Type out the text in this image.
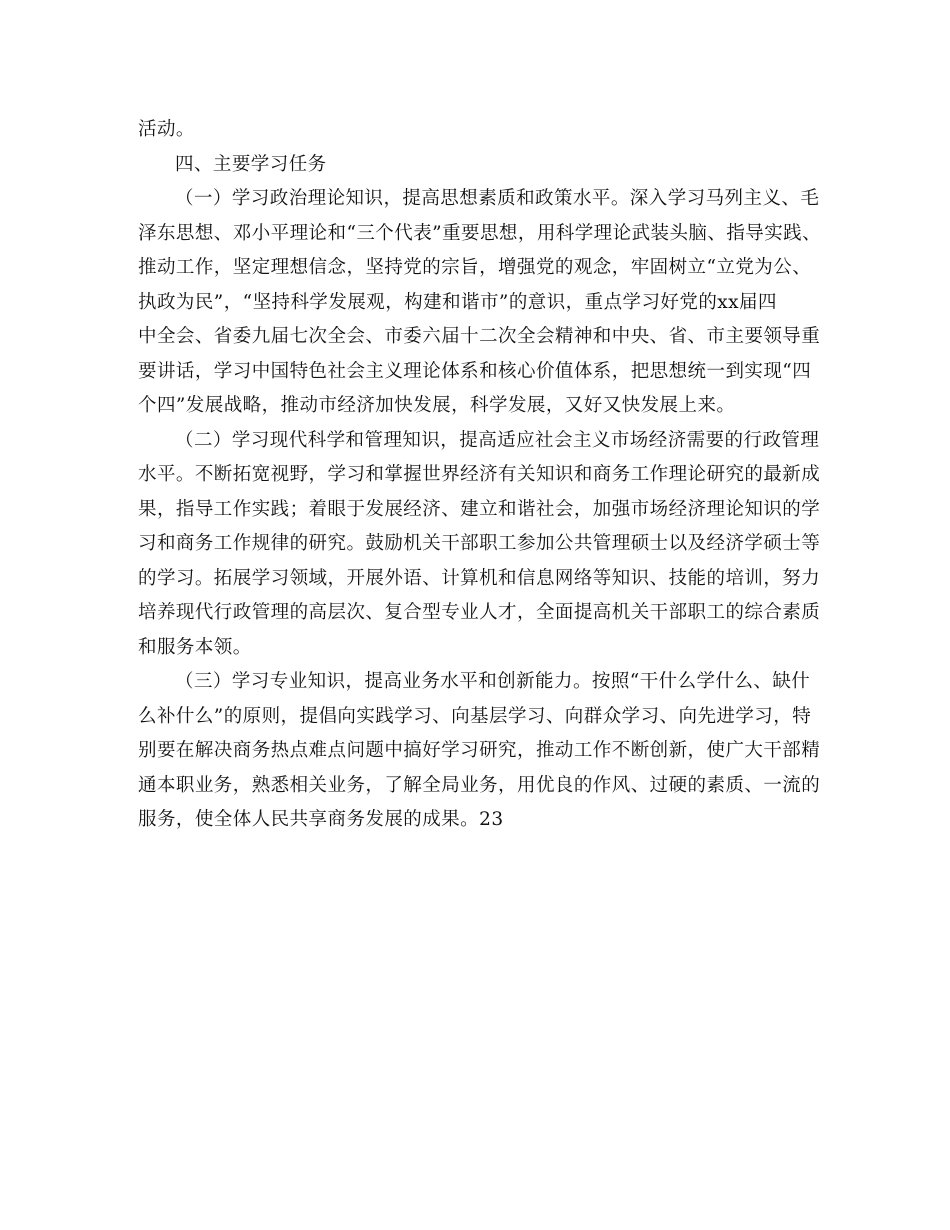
活动。
四、主要学习任务
（一）学习政治理论知识，提高思想素质和政策水平。深入学习马列主义、毛
泽东思想、邓小平理论和“三个代表”重要思想，用科学理论武装头脑、指导实践、
推动工作，坚定理想信念，坚持党的宗旨，增强党的观念，牢固树立“立党为公、
执政为民”，“坚持科学发展观，构建和谐市”的意识，重点学习好党的xx届四
中全会、省委九届七次全会、市委六届十二次全会精神和中央、省、市主要领导重
要讲话，学习中国特色社会主义理论体系和核心价值体系，把思想统一到实现“四
个四”发展战略，推动市经济加快发展，科学发展，又好又快发展上来。
（二）学习现代科学和管理知识，提高适应社会主义市场经济需要的行政管理
水平。不断拓宽视野，学习和掌握世界经济有关知识和商务工作理论研究的最新成
果，指导工作实践；着眼于发展经济、建立和谐社会，加强市场经济理论知识的学
习和商务工作规律的研究。鼓励机关干部职工参加公共管理硕士以及经济学硕士等
的学习。拓展学习领域，开展外语、计算机和信息网络等知识、技能的培训，努力
培养现代行政管理的高层次、复合型专业人才，全面提高机关干部职工的综合素质
和服务本领。
（三）学习专业知识，提高业务水平和创新能力。按照“干什么学什么、缺什
么补什么”的原则，提倡向实践学习、向基层学习、向群众学习、向先进学习，特
别要在解决商务热点难点问题中搞好学习研究，推动工作不断创新，使广大干部精
通本职业务，熟悉相关业务，了解全局业务，用优良的作风、过硬的素质、一流的
服务，使全体人民共享商务发展的成果。23
